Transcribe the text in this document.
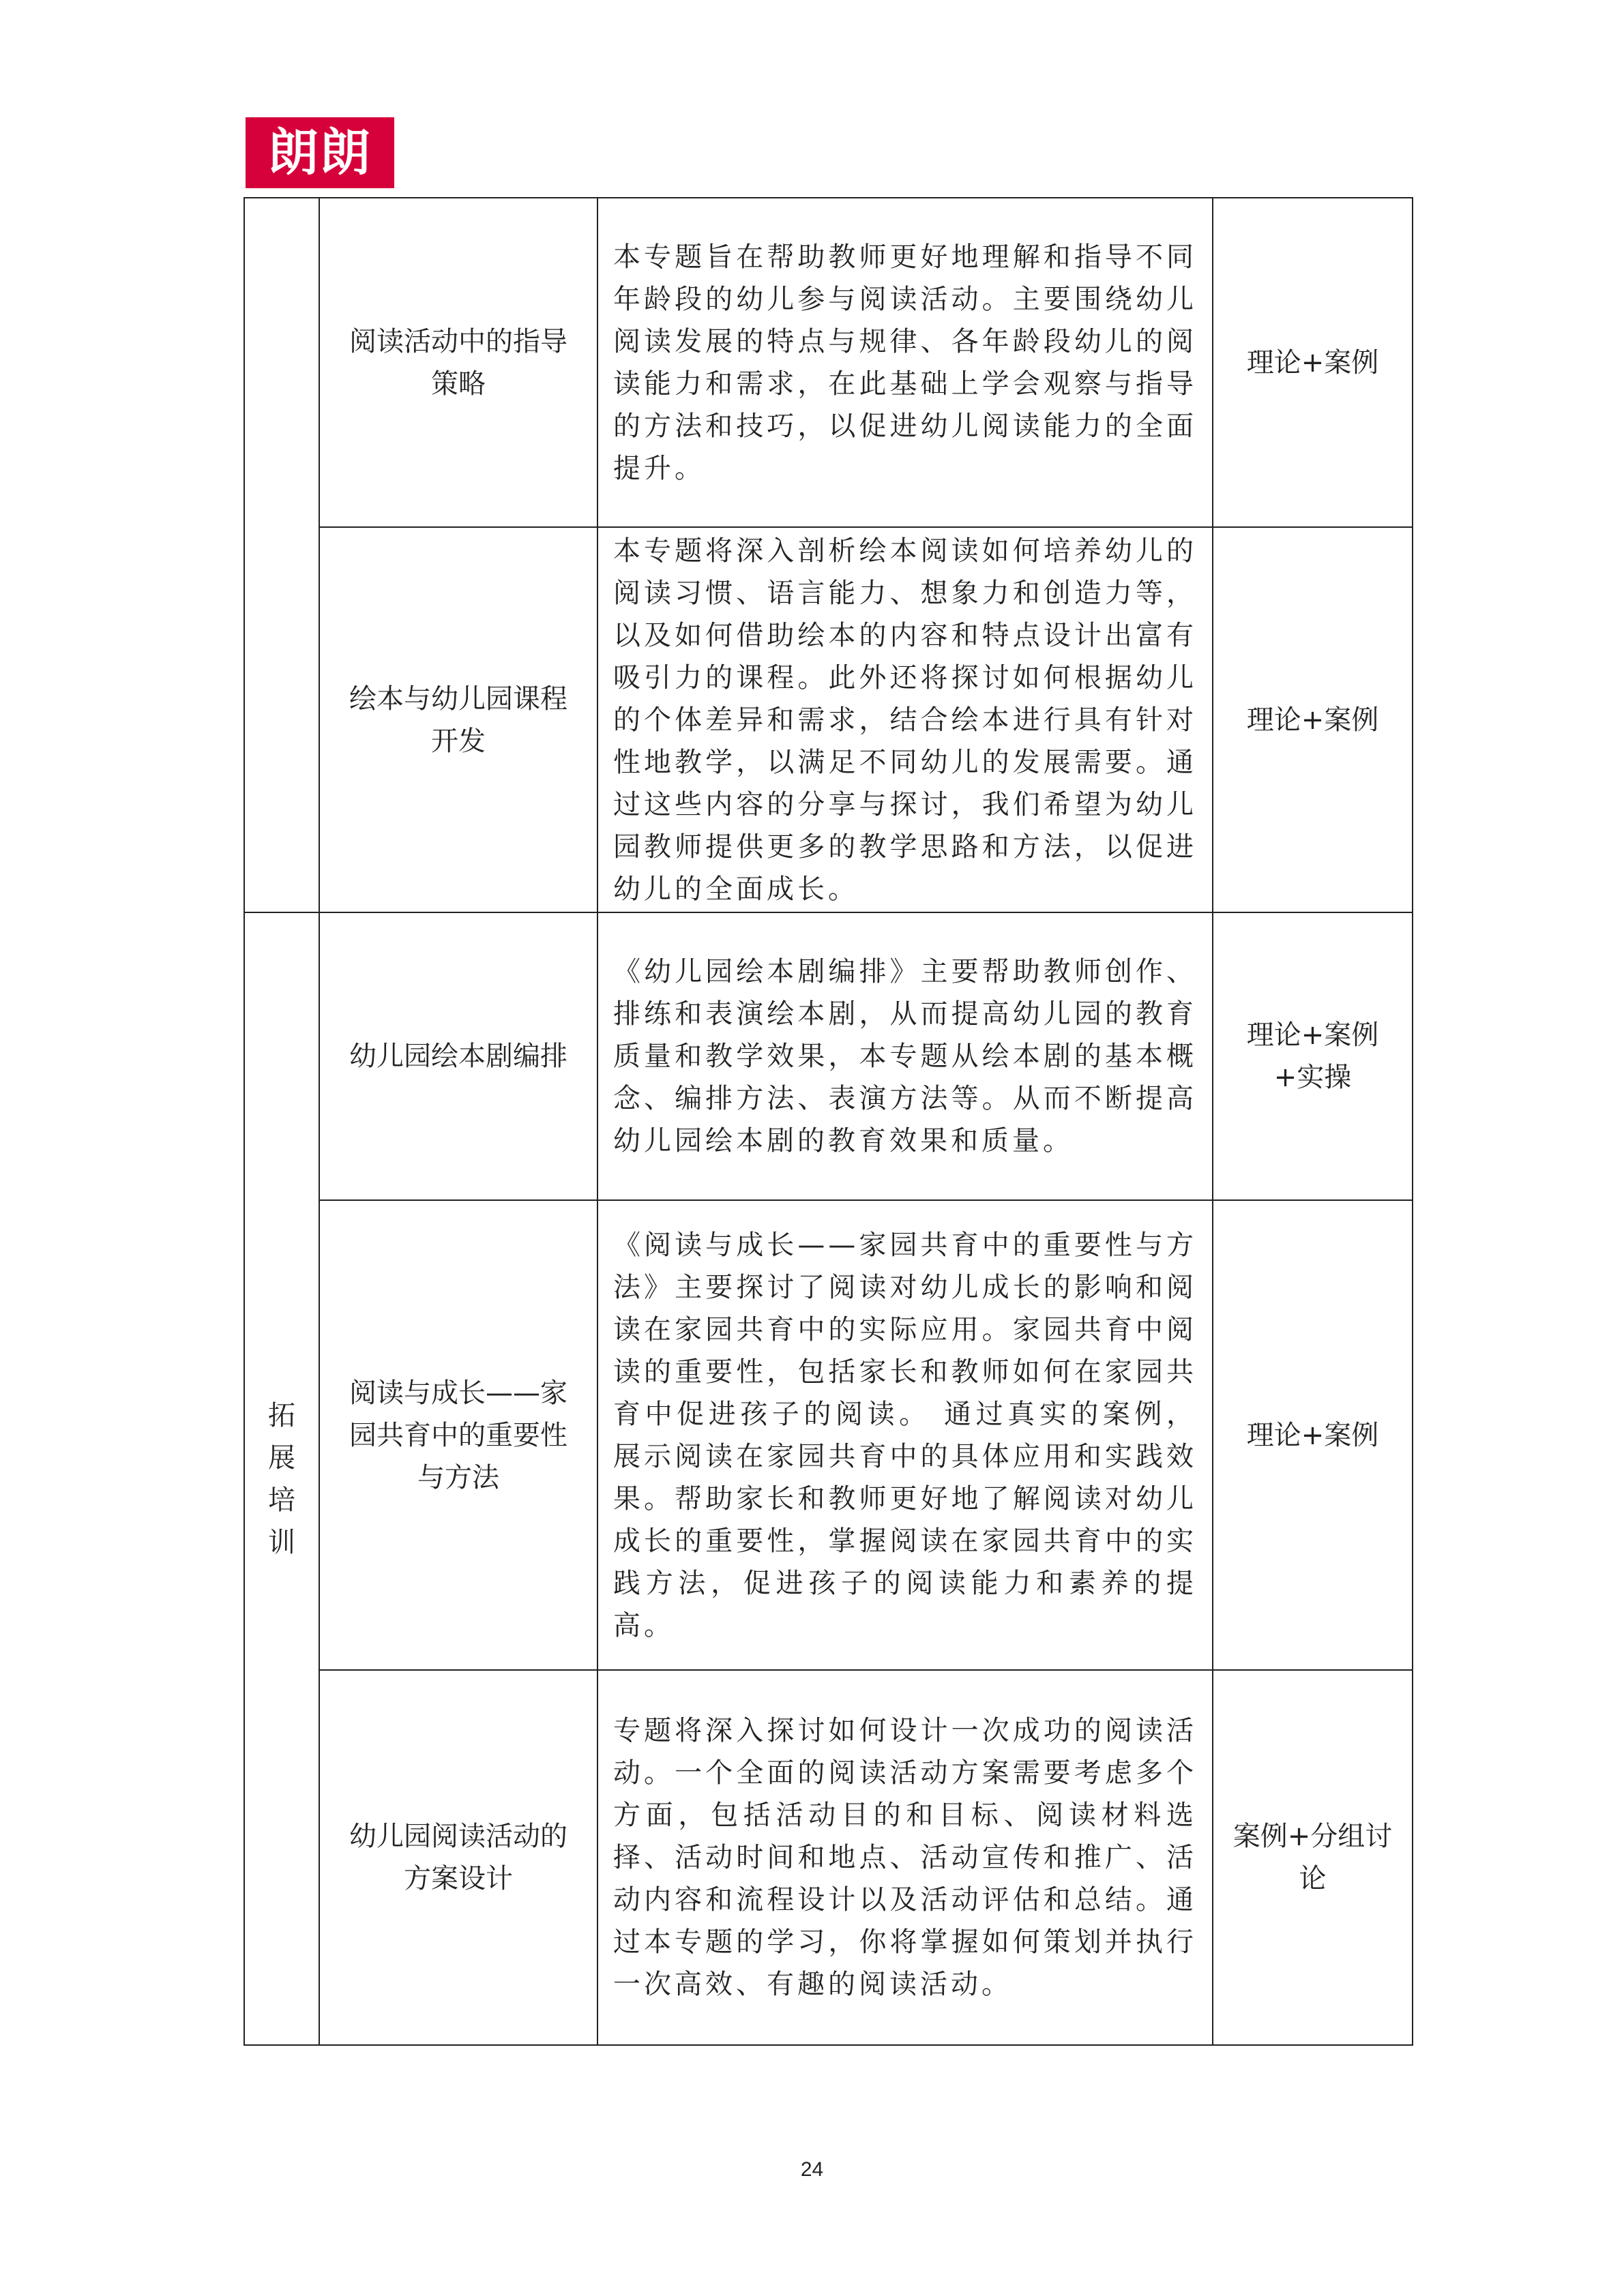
朗朗
	阅读活动中的指导策略	本专题旨在帮助教师更好地理解和指导不同年龄段的幼儿参与阅读活动。主要围绕幼儿阅读发展的特点与规律、各年龄段幼儿的阅读能力和需求，在此基础上学会观察与指导的方法和技巧，以促进幼儿阅读能力的全面提升。	理论+案例
	绘本与幼儿园课程开发	本专题将深入剖析绘本阅读如何培养幼儿的阅读习惯、语言能力、想象力和创造力等，以及如何借助绘本的内容和特点设计出富有吸引力的课程。此外还将探讨如何根据幼儿的个体差异和需求，结合绘本进行具有针对性地教学，以满足不同幼儿的发展需要。通过这些内容的分享与探讨，我们希望为幼儿园教师提供更多的教学思路和方法，以促进幼儿的全面成长。	理论+案例
拓展培训	幼儿园绘本剧编排	《幼儿园绘本剧编排》主要帮助教师创作、排练和表演绘本剧，从而提高幼儿园的教育质量和教学效果，本专题从绘本剧的基本概念、编排方法、表演方法等。从而不断提高幼儿园绘本剧的教育效果和质量。	理论+案例+实操
	阅读与成长——家园共育中的重要性与方法	《阅读与成长——家园共育中的重要性与方法》主要探讨了阅读对幼儿成长的影响和阅读在家园共育中的实际应用。家园共育中阅读的重要性，包括家长和教师如何在家园共育中促进孩子的阅读。 通过真实的案例，展示阅读在家园共育中的具体应用和实践效果。帮助家长和教师更好地了解阅读对幼儿成长的重要性，掌握阅读在家园共育中的实践方法，促进孩子的阅读能力和素养的提高。	理论+案例
	幼儿园阅读活动的方案设计	专题将深入探讨如何设计一次成功的阅读活动。一个全面的阅读活动方案需要考虑多个方面，包括活动目的和目标、阅读材料选择、活动时间和地点、活动宣传和推广、活动内容和流程设计以及活动评估和总结。通过本专题的学习，你将掌握如何策划并执行一次高效、有趣的阅读活动。	案例+分组讨论
24
